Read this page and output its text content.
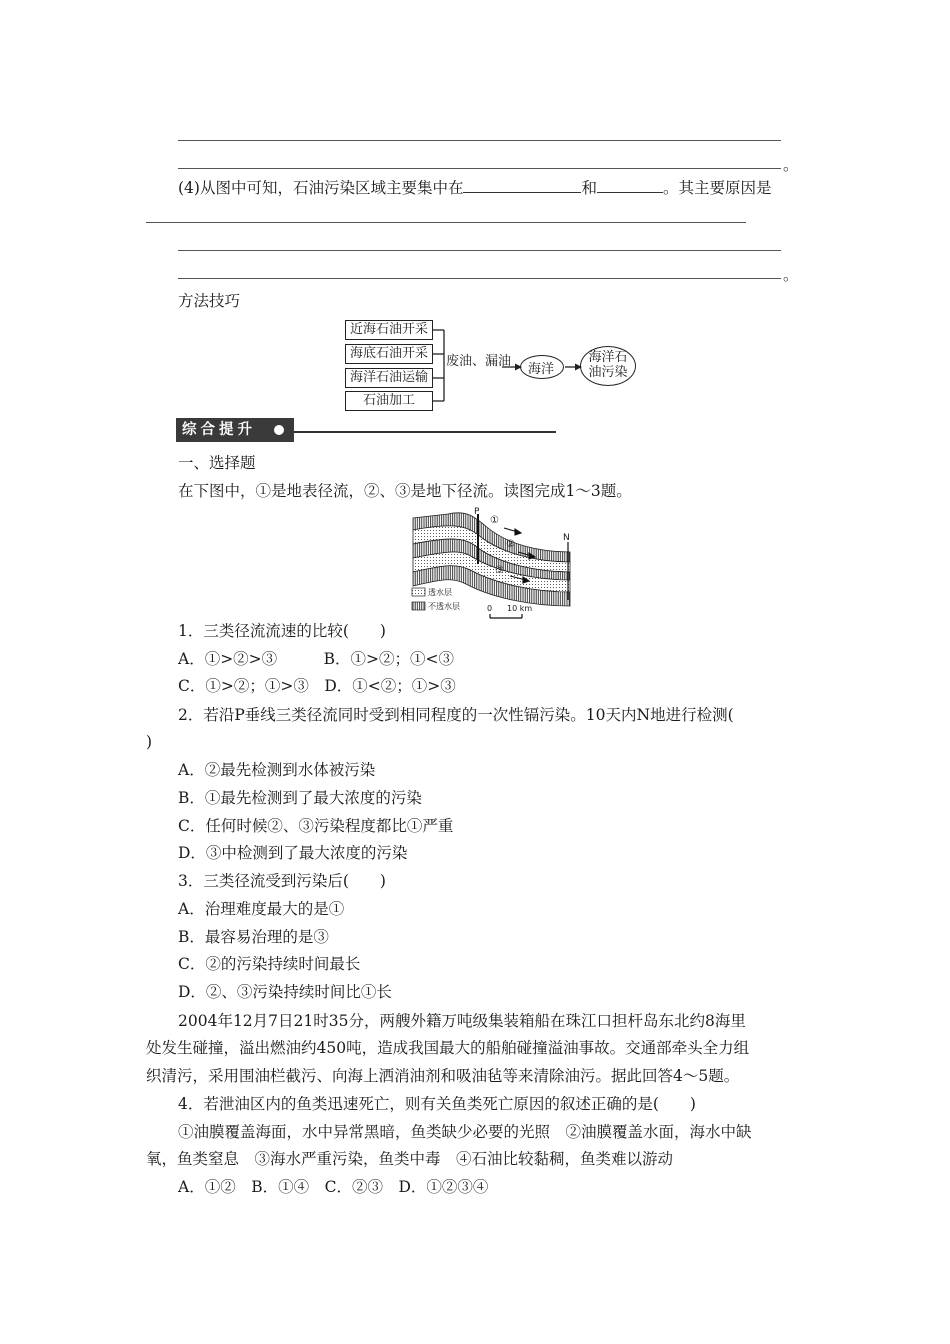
。
(4)从图中可知，石油污染区域主要集中在	和	。其主要原因是
。
方法技巧
近海石油开采
海底石油开采
海洋石油运输
石油加工
废油、漏油
海洋
海洋石
油污染
综合提升
一、选择题
在下图中，①是地表径流，②、③是地下径流。读图完成1～3题。
P
N
①
②
③
透水层
不透水层	0 10 km
1．三类径流流速的比较(　　)
A．①>②>③　　　B．①>②；①<③
C．①>②；①>③　D．①<②；①>③
2．若沿P垂线三类径流同时受到相同程度的一次性镉污染。10天内N地进行检测(
)
A．②最先检测到水体被污染
B．①最先检测到了最大浓度的污染
C．任何时候②、③污染程度都比①严重
D．③中检测到了最大浓度的污染
3．三类径流受到污染后(　　)
A．治理难度最大的是①
B．最容易治理的是③
C．②的污染持续时间最长
D．②、③污染持续时间比①长
2004年12月7日21时35分，两艘外籍万吨级集装箱船在珠江口担杆岛东北约8海里
处发生碰撞，溢出燃油约450吨，造成我国最大的船舶碰撞溢油事故。交通部牵头全力组
织清污，采用围油栏截污、向海上洒消油剂和吸油毡等来清除油污。据此回答4～5题。
4．若泄油区内的鱼类迅速死亡，则有关鱼类死亡原因的叙述正确的是(　　)
①油膜覆盖海面，水中异常黑暗，鱼类缺少必要的光照　②油膜覆盖水面，海水中缺
氧，鱼类窒息　③海水严重污染，鱼类中毒　④石油比较黏稠，鱼类难以游动
A．①②　B．①④　C．②③　D．①②③④
